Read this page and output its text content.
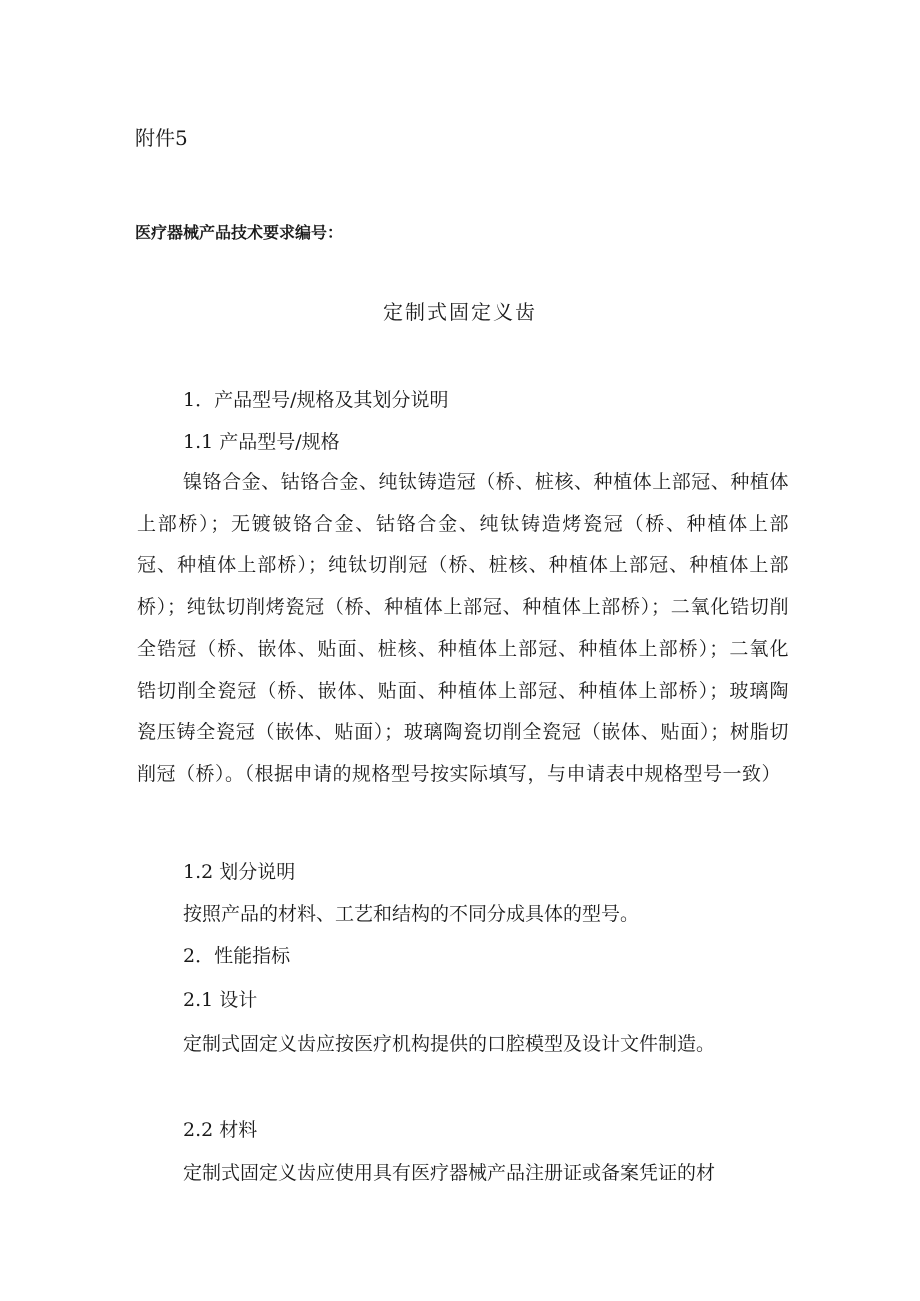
附件5
医疗器械产品技术要求编号：
定制式固定义齿
1．产品型号/规格及其划分说明
1.1 产品型号/规格
镍铬合金、钴铬合金、纯钛铸造冠（桥、桩核、种植体上部冠、种植体上部桥）；无镀铍铬合金、钴铬合金、纯钛铸造烤瓷冠（桥、种植体上部冠、种植体上部桥）；纯钛切削冠（桥、桩核、种植体上部冠、种植体上部桥）；纯钛切削烤瓷冠（桥、种植体上部冠、种植体上部桥）；二氧化锆切削全锆冠（桥、嵌体、贴面、桩核、种植体上部冠、种植体上部桥）；二氧化锆切削全瓷冠（桥、嵌体、贴面、种植体上部冠、种植体上部桥）；玻璃陶瓷压铸全瓷冠（嵌体、贴面）；玻璃陶瓷切削全瓷冠（嵌体、贴面）；树脂切削冠（桥）。（根据申请的规格型号按实际填写，与申请表中规格型号一致）
1.2 划分说明
按照产品的材料、工艺和结构的不同分成具体的型号。
2．性能指标
2.1 设计
定制式固定义齿应按医疗机构提供的口腔模型及设计文件制造。
2.2 材料
定制式固定义齿应使用具有医疗器械产品注册证或备案凭证的材
